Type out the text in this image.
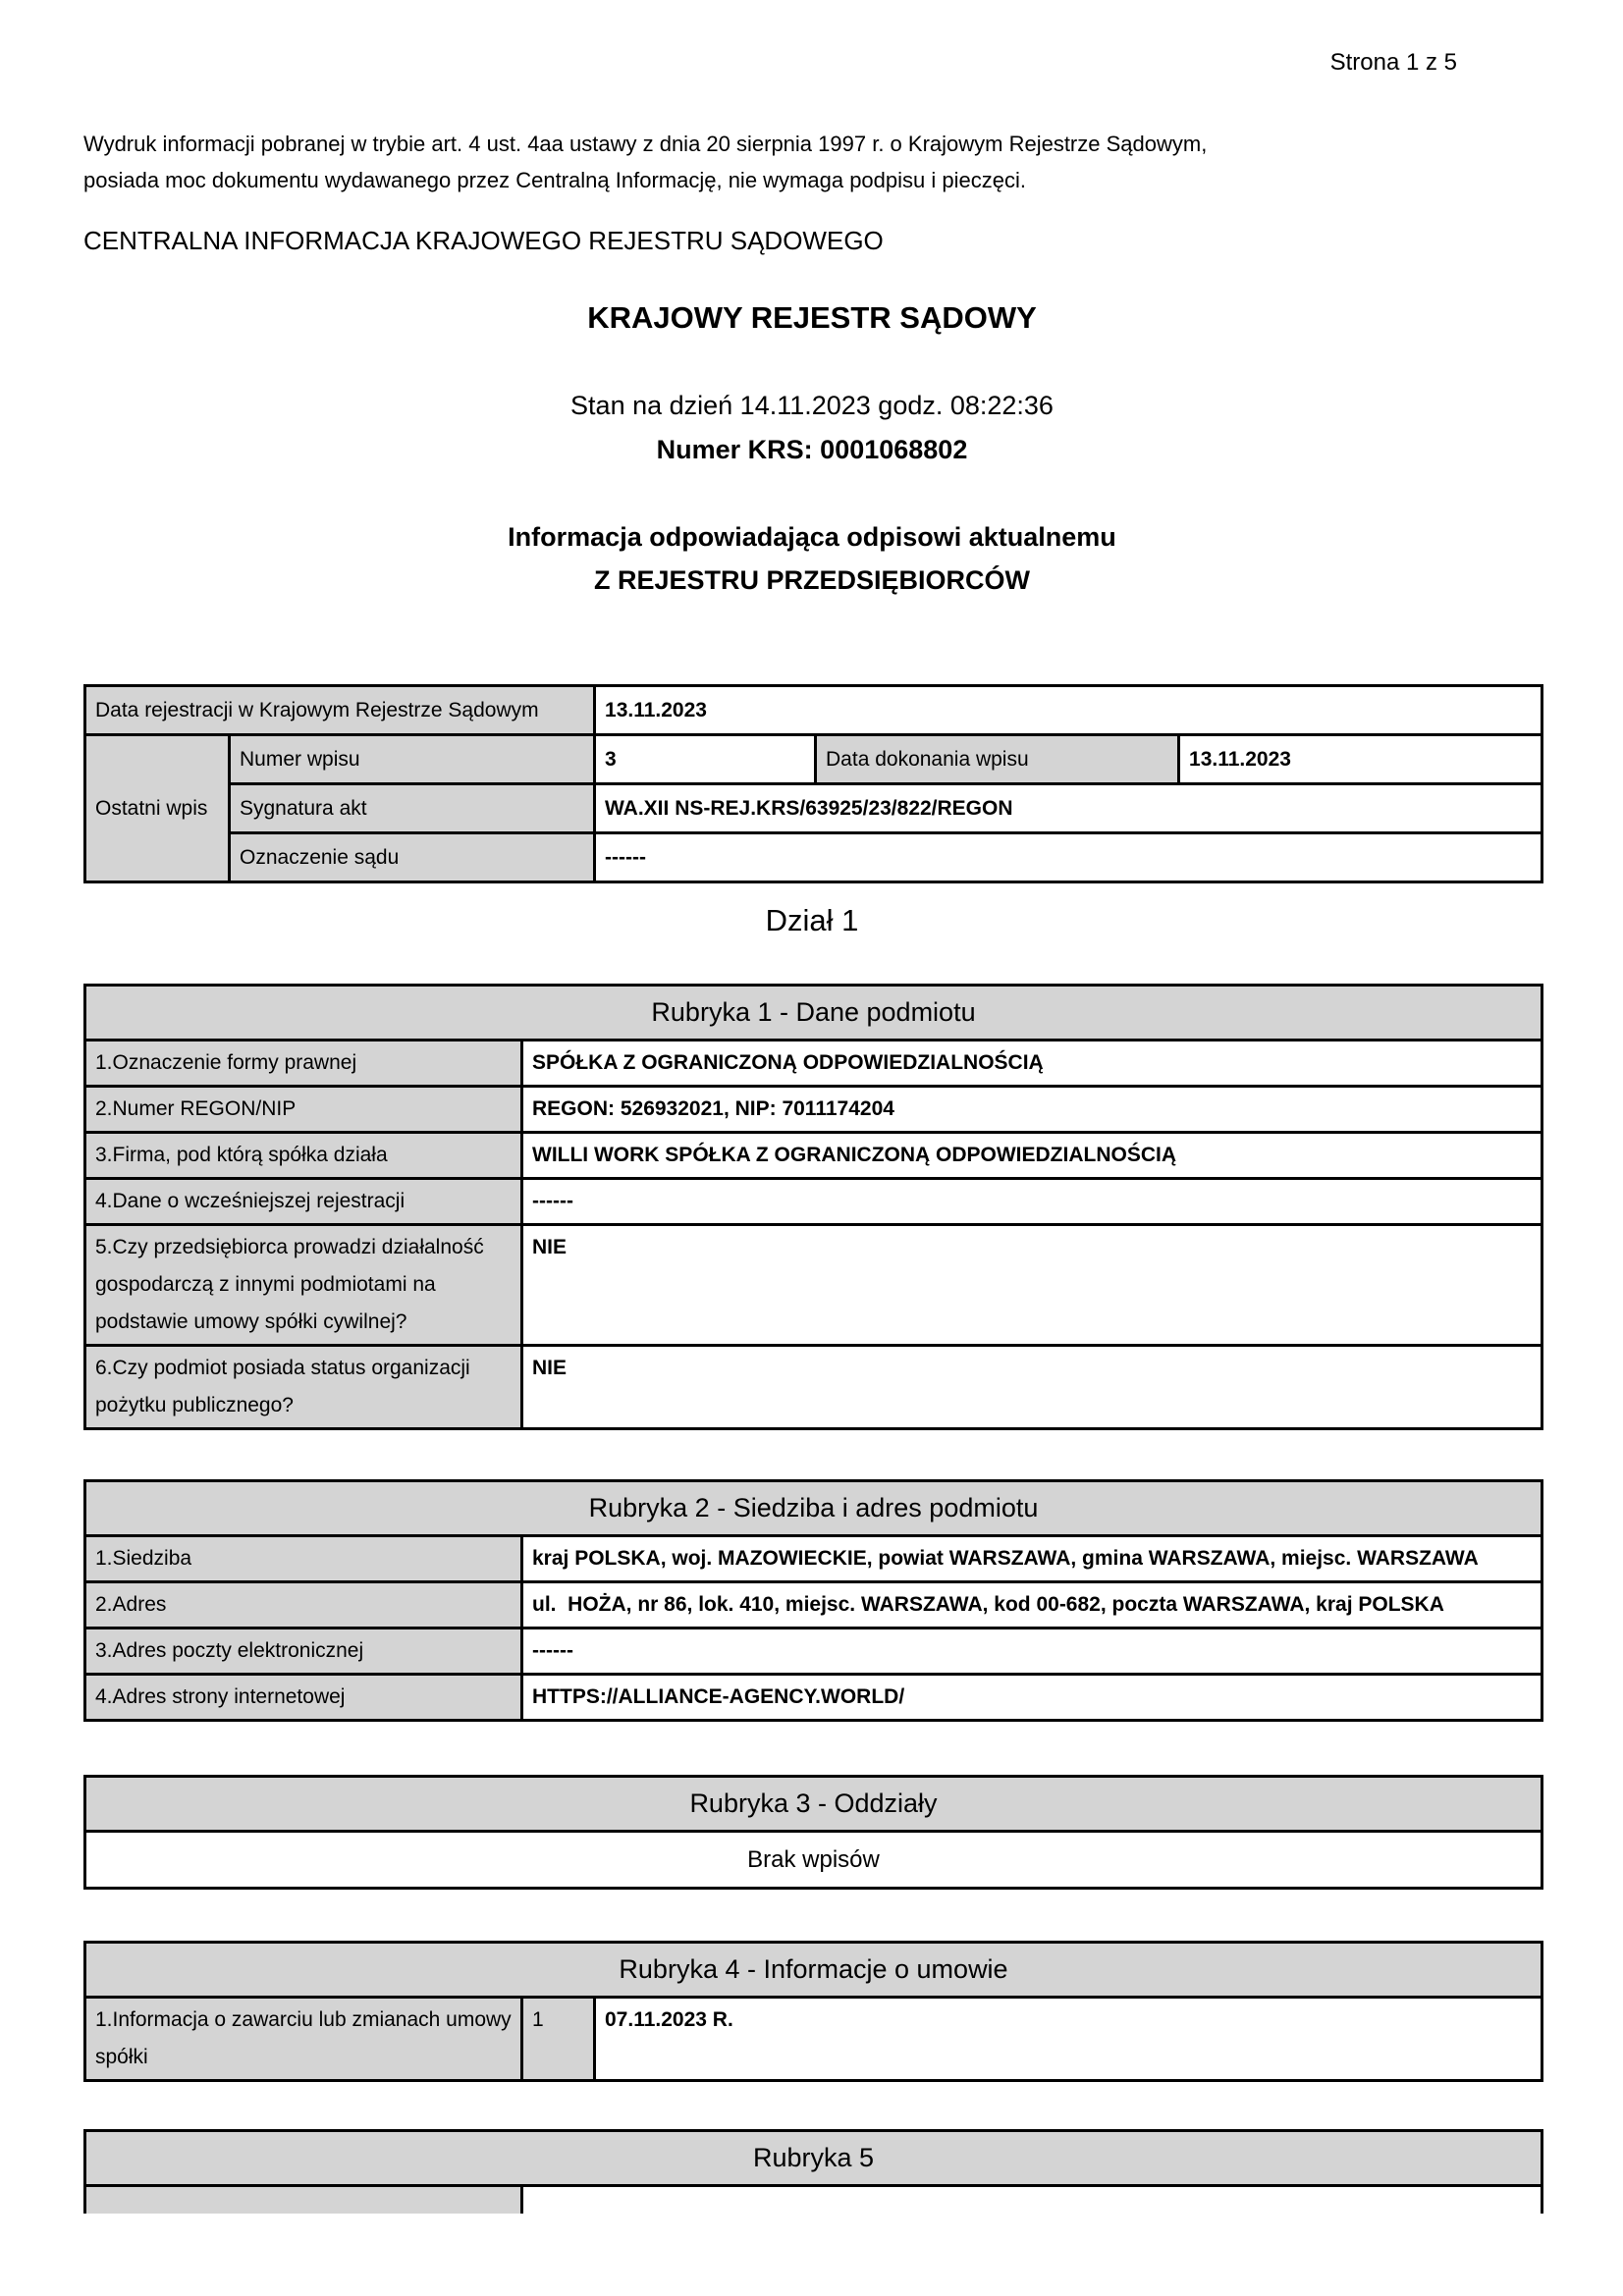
Strona 1 z 5
Wydruk informacji pobranej w trybie art. 4 ust. 4aa ustawy z dnia 20 sierpnia 1997 r. o Krajowym Rejestrze Sądowym,
posiada moc dokumentu wydawanego przez Centralną Informację, nie wymaga podpisu i pieczęci.
CENTRALNA INFORMACJA KRAJOWEGO REJESTRU SĄDOWEGO
KRAJOWY REJESTR SĄDOWY
Stan na dzień 14.11.2023 godz. 08:22:36
Numer KRS: 0001068802
Informacja odpowiadająca odpisowi aktualnemu
Z REJESTRU PRZEDSIĘBIORCÓW
Data rejestracji w Krajowym Rejestrze Sądowym		13.11.2023		
Ostatni wpis	Numer wpisu	3	Data dokonania wpisu	13.11.2023
	Sygnatura akt	WA.XII NS-REJ.KRS/63925/23/822/REGON		
	Oznaczenie sądu	------		
Dział 1
Rubryka 1 - Dane podmiotu	
1.Oznaczenie formy prawnej	SPÓŁKA Z OGRANICZONĄ ODPOWIEDZIALNOŚCIĄ
2.Numer REGON/NIP	REGON: 526932021, NIP: 7011174204
3.Firma, pod którą spółka działa	WILLI WORK SPÓŁKA Z OGRANICZONĄ ODPOWIEDZIALNOŚCIĄ
4.Dane o wcześniejszej rejestracji	------
5.Czy przedsiębiorca prowadzi działalność gospodarczą z innymi podmiotami na podstawie umowy spółki cywilnej?	NIE
6.Czy podmiot posiada status organizacji pożytku publicznego?	NIE
Rubryka 2 - Siedziba i adres podmiotu	
1.Siedziba	kraj POLSKA, woj. MAZOWIECKIE, powiat WARSZAWA, gmina WARSZAWA, miejsc. WARSZAWA
2.Adres	ul.  HOŻA, nr 86, lok. 410, miejsc. WARSZAWA, kod 00-682, poczta WARSZAWA, kraj POLSKA
3.Adres poczty elektronicznej	------
4.Adres strony internetowej	HTTPS://ALLIANCE-AGENCY.WORLD/
Rubryka 3 - Oddziały
Brak wpisów
Rubryka 4 - Informacje o umowie
1.Informacja o zawarciu lub zmianach umowy spółki	1	07.11.2023 R.
Rubryka 5
